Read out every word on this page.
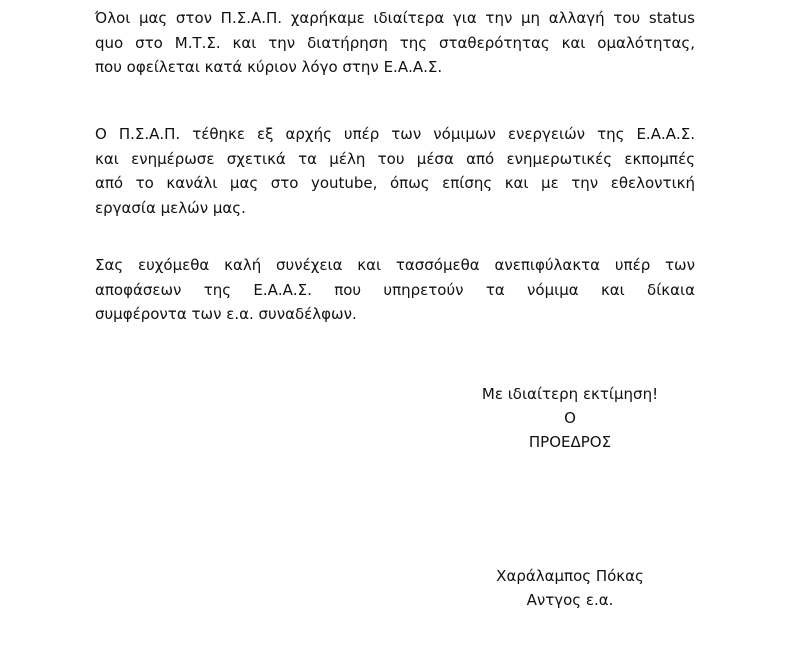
Όλοι μας στον Π.Σ.Α.Π. χαρήκαμε ιδιαίτερα για την μη αλλαγή του status
quo στο Μ.Τ.Σ. και την διατήρηση της σταθερότητας και ομαλότητας,
που οφείλεται κατά κύριον λόγο στην Ε.Α.Α.Σ.
Ο Π.Σ.Α.Π. τέθηκε εξ αρχής υπέρ των νόμιμων ενεργειών της Ε.Α.Α.Σ.
και ενημέρωσε σχετικά τα μέλη του μέσα από ενημερωτικές εκπομπές
από το κανάλι μας στο youtube, όπως επίσης και με την εθελοντική
εργασία μελών μας.
Σας ευχόμεθα καλή συνέχεια και τασσόμεθα ανεπιφύλακτα υπέρ των
αποφάσεων της Ε.Α.Α.Σ. που υπηρετούν τα νόμιμα και δίκαια
συμφέροντα των ε.α. συναδέλφων.
Με ιδιαίτερη εκτίμηση!
Ο
ΠΡΟΕΔΡΟΣ
Χαράλαμπος Πόκας
Αντγος ε.α.
